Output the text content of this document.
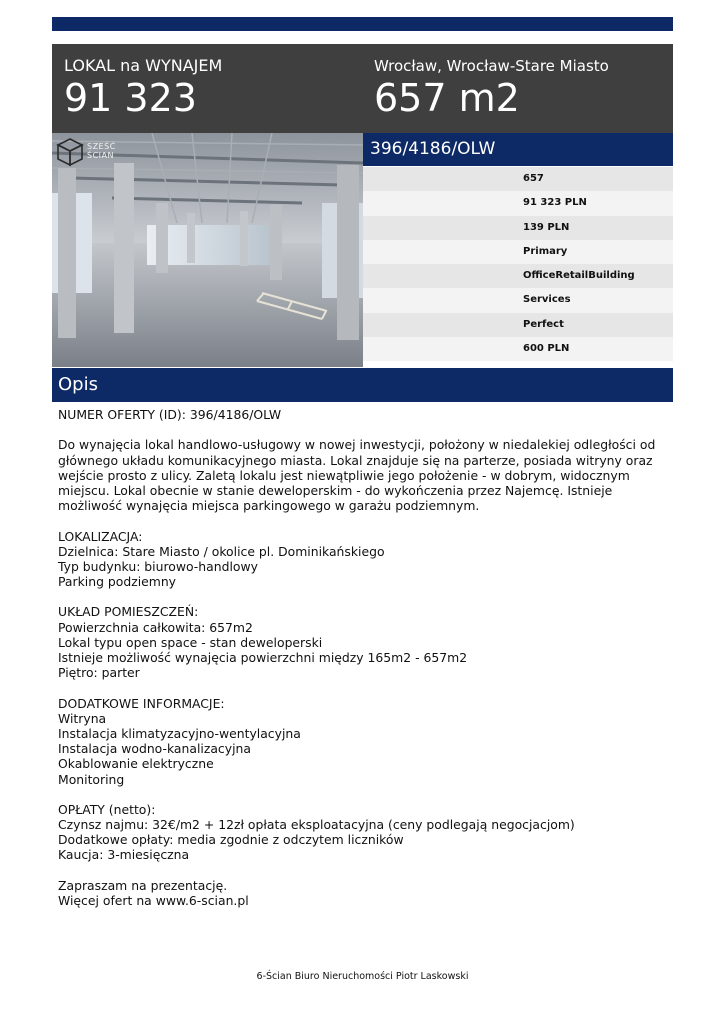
LOKAL na WYNAJEM
91 323
Wrocław, Wrocław-Stare Miasto
657 m2
SZEŚĆ
ŚCIAN	396/4186/OLW
657
91 323 PLN
139 PLN
Primary
OfficeRetailBuilding
Services
Perfect
600 PLN
Opis
NUMER OFERTY (ID): 396/4186/OLW
Do wynajęcia lokal handlowo-usługowy w nowej inwestycji, położony w niedalekiej odległości od
głównego układu komunikacyjnego miasta. Lokal znajduje się na parterze, posiada witryny oraz
wejście prosto z ulicy. Zaletą lokalu jest niewątpliwie jego położenie - w dobrym, widocznym
miejscu. Lokal obecnie w stanie deweloperskim - do wykończenia przez Najemcę. Istnieje
możliwość wynajęcia miejsca parkingowego w garażu podziemnym.
LOKALIZACJA:
Dzielnica: Stare Miasto / okolice pl. Dominikańskiego
Typ budynku: biurowo-handlowy
Parking podziemny
UKŁAD POMIESZCZEŃ:
Powierzchnia całkowita: 657m2
Lokal typu open space - stan deweloperski
Istnieje możliwość wynajęcia powierzchni między 165m2 - 657m2
Piętro: parter
DODATKOWE INFORMACJE:
Witryna
Instalacja klimatyzacyjno-wentylacyjna
Instalacja wodno-kanalizacyjna
Okablowanie elektryczne
Monitoring
OPŁATY (netto):
Czynsz najmu: 32€/m2 + 12zł opłata eksploatacyjna (ceny podlegają negocjacjom)
Dodatkowe opłaty: media zgodnie z odczytem liczników
Kaucja: 3-miesięczna
Zapraszam na prezentację.
Więcej ofert na www.6-scian.pl
6-Ścian Biuro Nieruchomości Piotr Laskowski
